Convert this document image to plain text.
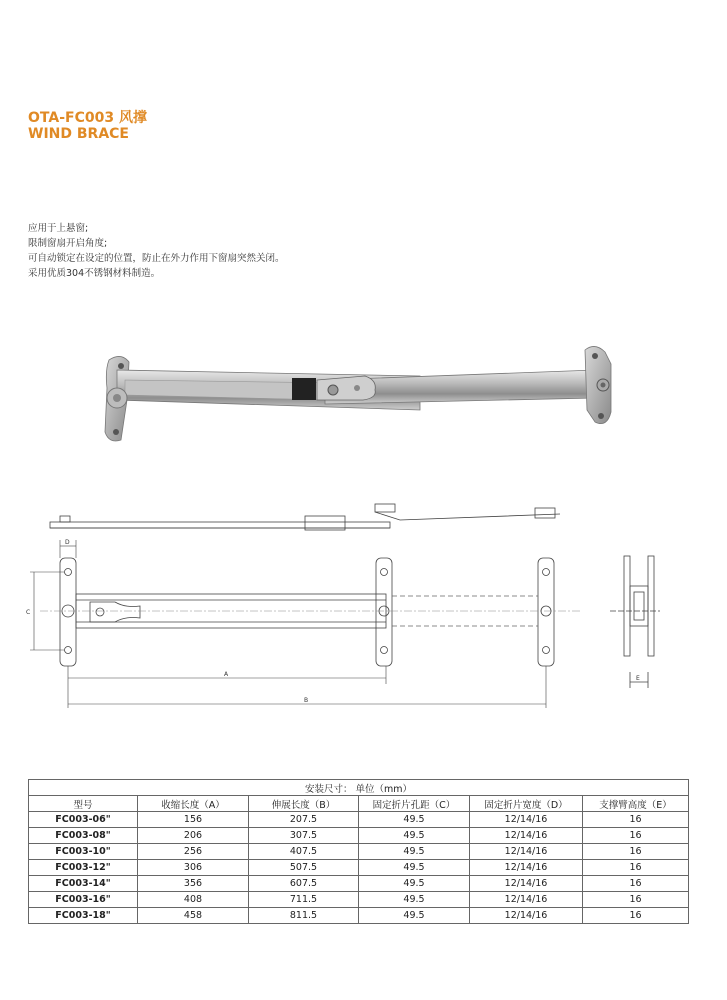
OTA-FC003 风撑
WIND BRACE
应用于上悬窗;
限制窗扇开启角度;
可自动锁定在设定的位置，防止在外力作用下窗扇突然关闭。
采用优质304不锈钢材料制造。
D
C
A
B
E
安装尺寸： 单位（mm）					
型号	收缩长度（A）	伸展长度（B）	固定折片孔距（C）	固定折片宽度（D）	支撑臂高度（E）
FC003-06"	156	207.5	49.5	12/14/16	16
FC003-08"	206	307.5	49.5	12/14/16	16
FC003-10"	256	407.5	49.5	12/14/16	16
FC003-12"	306	507.5	49.5	12/14/16	16
FC003-14"	356	607.5	49.5	12/14/16	16
FC003-16"	408	711.5	49.5	12/14/16	16
FC003-18"	458	811.5	49.5	12/14/16	16
